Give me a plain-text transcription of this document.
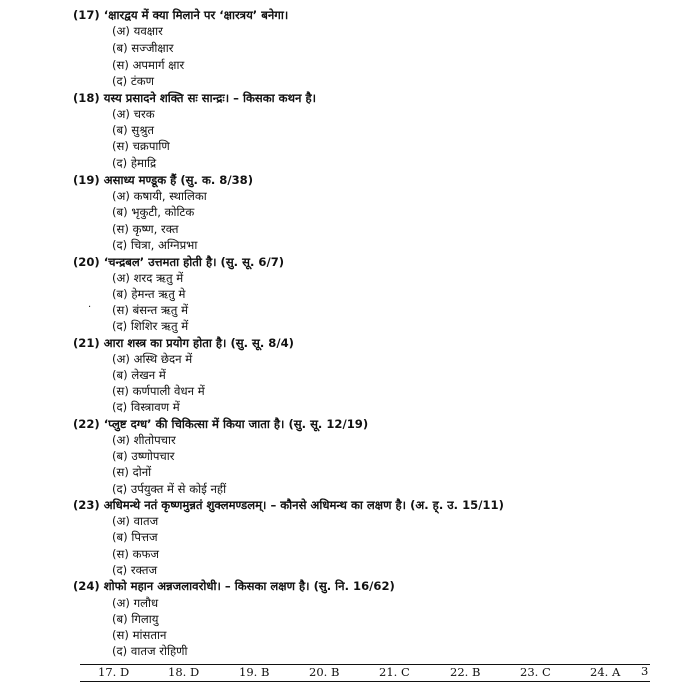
(17) ‘क्षारद्वय में क्या मिलाने पर ‘क्षारत्रय’ बनेगा।
(अ) यवक्षार
(ब) सज्जीक्षार
(स) अपमार्ग क्षार
(द) टंकण
(18) यस्य प्रसादने शक्ति सः सान्द्रः। – किसका कथन है।
(अ) चरक
(ब) सुश्रुत
(स) चक्रपाणि
(द) हेमाद्रि
(19) असाध्य मण्डूक हैं (सु. क. 8/38)
(अ) कषायी, स्थालिका
(ब) भृकुटी, कोटिक
(स) कृष्ण, रक्त
(द) चित्रा, अग्निप्रभा
(20) ‘चन्द्रबल’ उत्तमता होती है। (सु. सू. 6/7)
(अ) शरद ऋतु में
(ब) हेमन्त ऋतु मे
(स) बंसन्त ऋतु में
(द) शिशिर ऋतु में
.
(21) आरा शस्त्र का प्रयोग होता है। (सु. सू. 8/4)
(अ) अस्थि छेदन में
(ब) लेखन में
(स) कर्णपाली वेधन में
(द) विस्त्रावण में
(22) ‘प्लुष्ट दग्ध’ की चिकित्सा में किया जाता है। (सु. सू. 12/19)
(अ) शीतोपचार
(ब) उष्णोपचार
(स) दोनों
(द) उर्पयुक्त में से कोई नहीं
(23) अधिमन्थे नतं कृष्णमुन्नतं शुक्लमण्डलम्। – कौनसे अधिमन्थ का लक्षण है। (अ. ह्. उ. 15/11)
(अ) वातज
(ब) पित्तज
(स) कफज
(द) रक्तज
(24) शोफो महान अन्नजलावरोधी। – किसका लक्षण है। (सु. नि. 16/62)
(अ) गलौध
(ब) गिलायु
(स) मांसतान
(द) वातज रोहिणी
17. D	18. D	19. B	20. B	21. C	22. B	23. C	24. A 3
